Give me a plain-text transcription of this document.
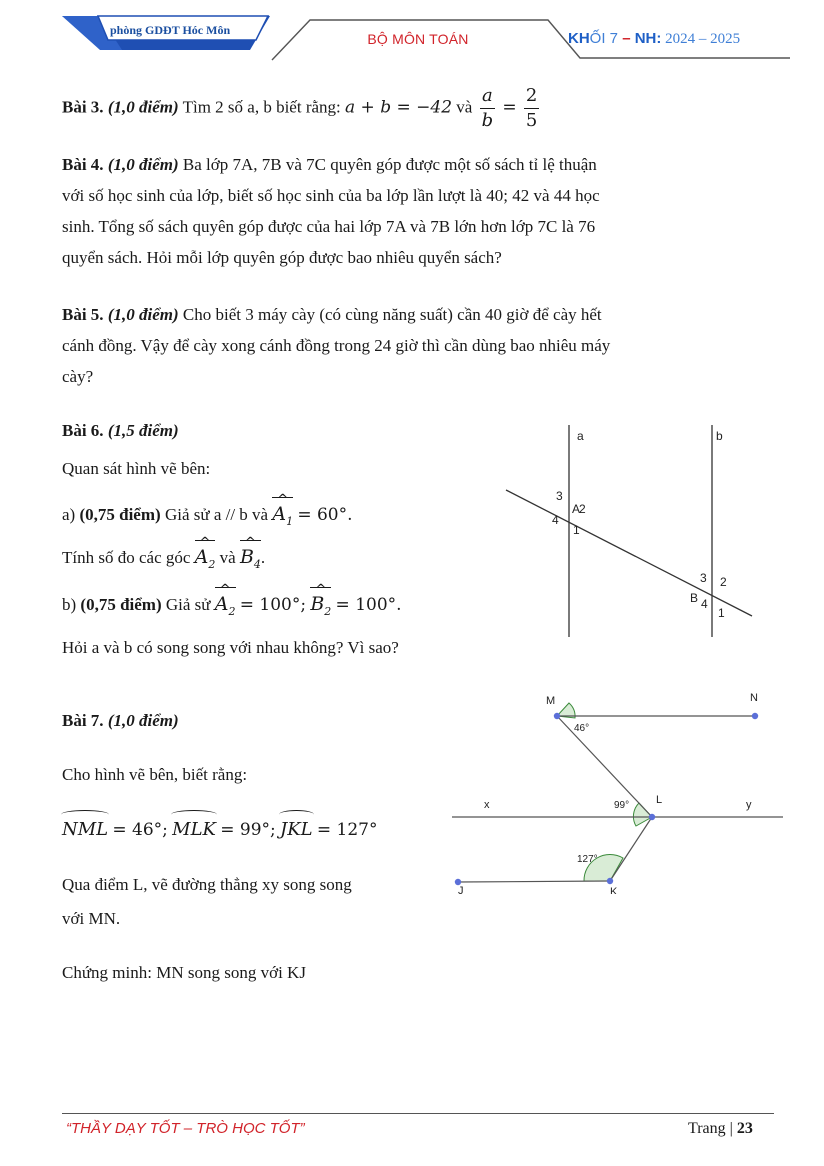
phòng GDĐT Hóc Môn
BỘ MÔN TOÁN	KHỐI 7 – NH: 2024 – 2025
Bài 3. (1,0 điểm) Tìm 2 số a, b biết rằng: a + b = −42 và $\frac{a}{b} = \frac{2}{5}$
Bài 4. (1,0 điểm) Ba lớp 7A, 7B và 7C quyên góp được một số sách tỉ lệ thuận
với số học sinh của lớp, biết số học sinh của ba lớp lần lượt là 40; 42 và 44 học
sinh. Tổng số sách quyên góp được của hai lớp 7A và 7B lớn hơn lớp 7C là 76
quyển sách. Hỏi mỗi lớp quyên góp được bao nhiêu quyển sách?
Bài 5. (1,0 điểm) Cho biết 3 máy cày (có cùng năng suất) cần 40 giờ để cày hết
cánh đồng. Vậy để cày xong cánh đồng trong 24 giờ thì cần dùng bao nhiêu máy
cày?
Bài 6. (1,5 điểm)
Quan sát hình vẽ bên:
a) (0,75 điểm) Giả sử a // b và $A_1$ ^ = 60°.
Tính số đo các góc $A_2$ ^ và $B_4$ ^.
b) (0,75 điểm) Giả sử $A_2$ ^ = 100°; $B_2$ ^ = 100°.
Hỏi a và b có song song với nhau không? Vì sao?
a	b
A
3
2
4
1
B
3 2
4
1
Bài 7. (1,0 điểm)
Cho hình vẽ bên, biết rằng:
NML = 46°; MLK = 99°; JKL = 127°
Qua điểm L, vẽ đường thẳng xy song song
với MN.
Chứng minh: MN song song với KJ
M	N
L
K
J
x	y
46°
99°
127°
“THẦY DẠY TỐT – TRÒ HỌC TỐT”	Trang | 23
